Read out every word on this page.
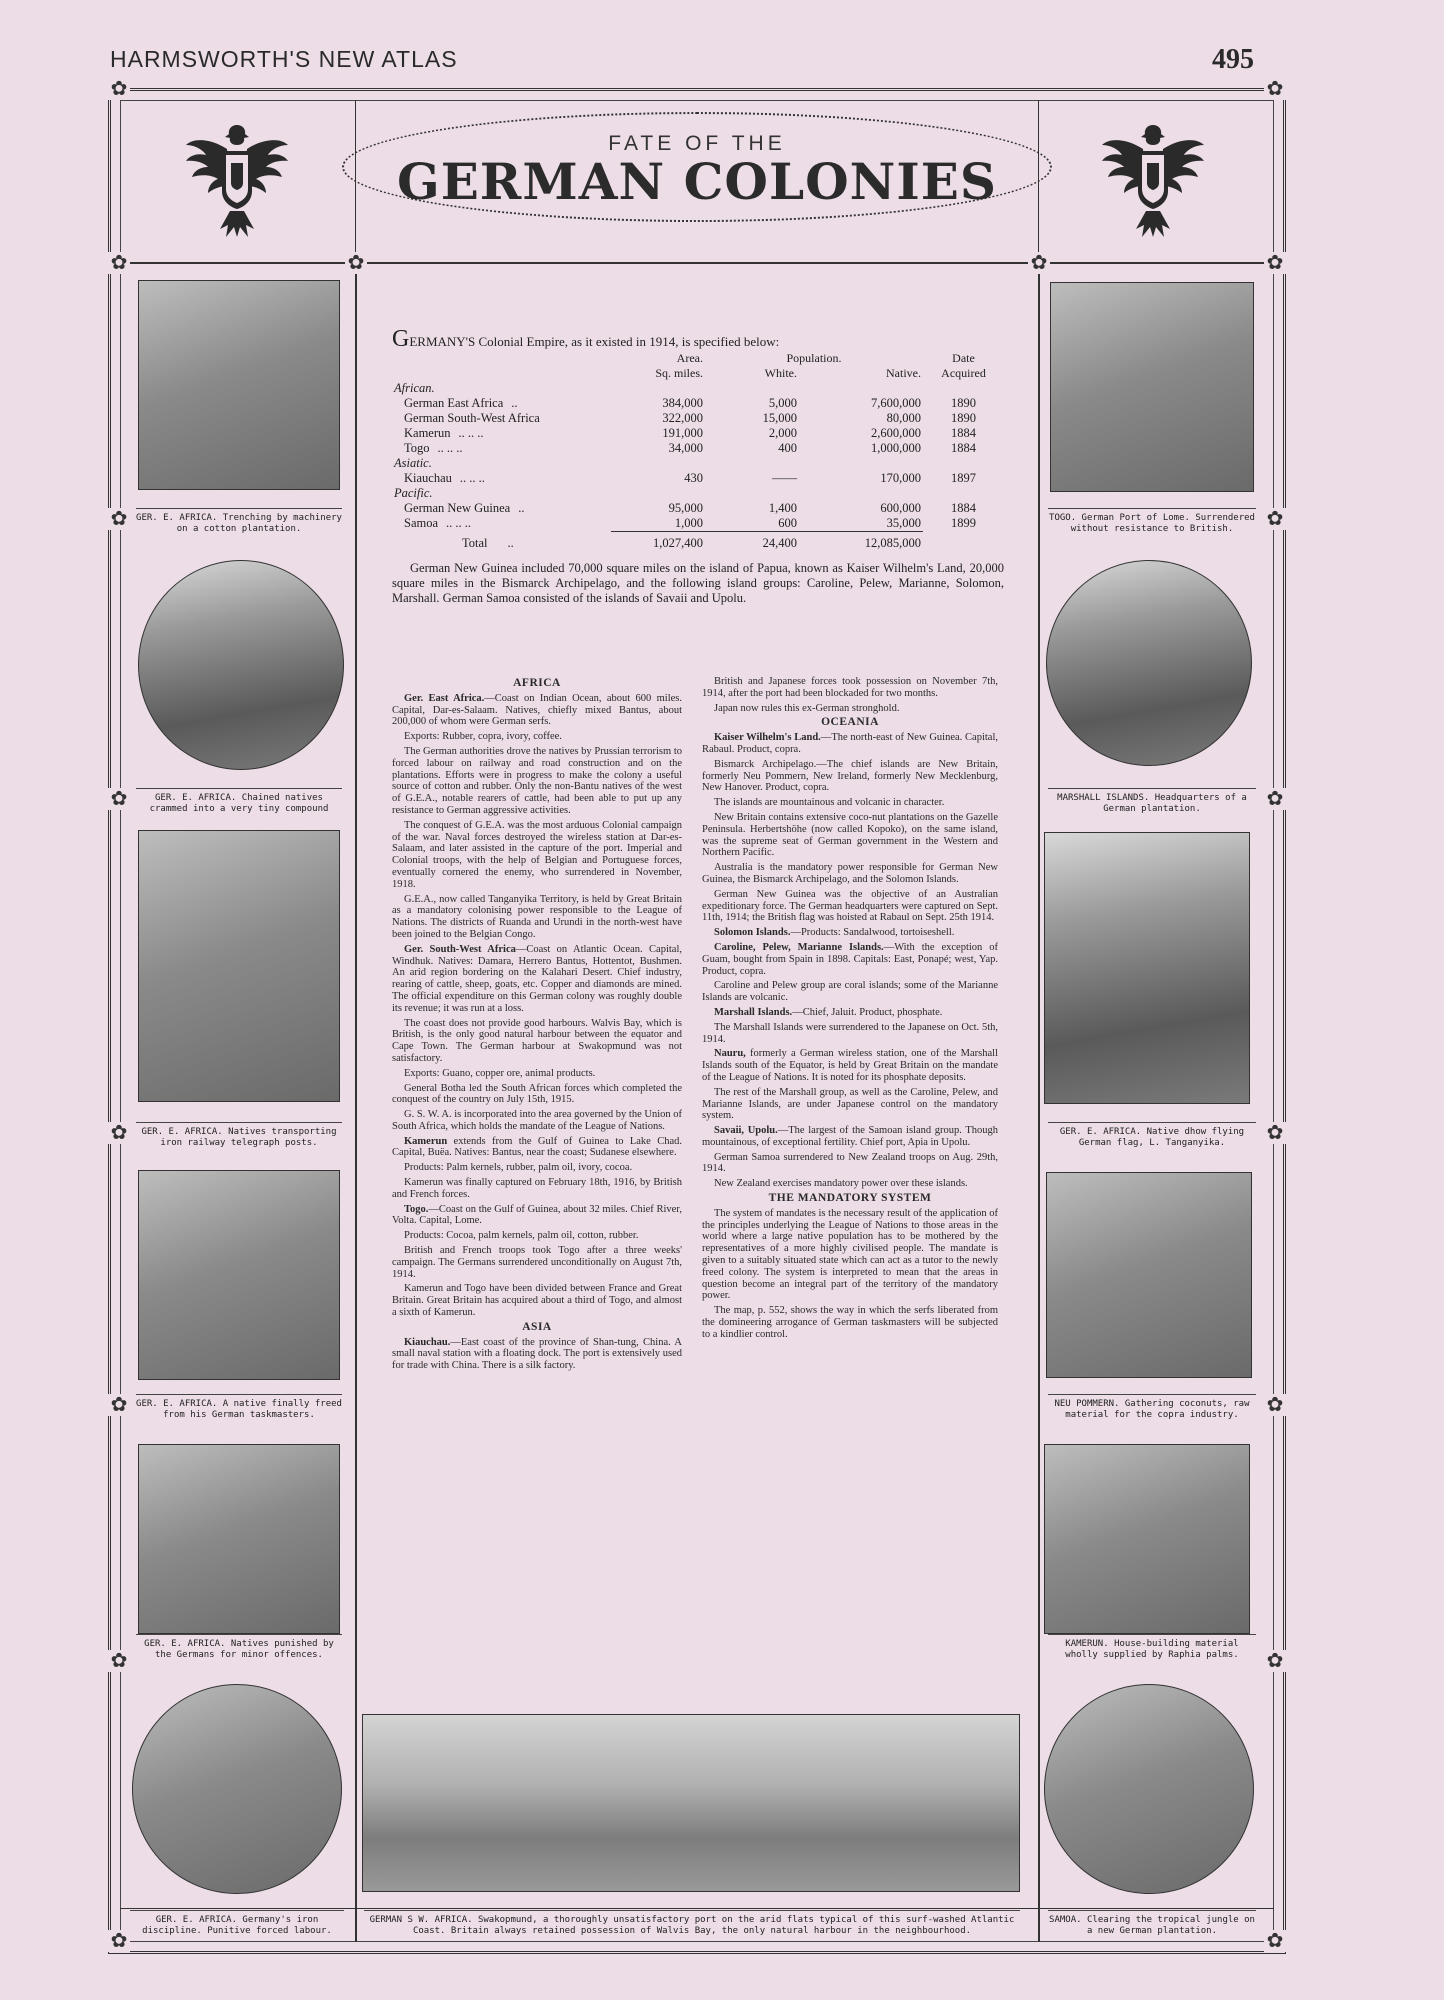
HARMSWORTH'S NEW ATLAS	495
✿	✿
✿	✿
✿	✿
✿	✿
✿
✿
✿
✿
✿
✿
✿
✿
✿
✿
FATE OF THE
GERMAN COLONIES
GER. E. AFRICA. Trenching by machinery on a cotton plantation.
GER. E. AFRICA. Chained natives crammed into a very tiny compound
GER. E. AFRICA. Natives transporting iron railway telegraph posts.
GER. E. AFRICA. A native finally freed from his German taskmasters.
GER. E. AFRICA. Natives punished by the Germans for minor offences.
GER. E. AFRICA. Germany's iron discipline. Punitive forced labour.
TOGO. German Port of Lome. Surrendered without resistance to British.
MARSHALL ISLANDS. Headquarters of a German plantation.
GER. E. AFRICA. Native dhow flying German flag, L. Tanganyika.
NEU POMMERN. Gathering coconuts, raw material for the copra industry.
KAMERUN. House-building material wholly supplied by Raphia palms.
SAMOA. Clearing the tropical jungle on a new German plantation.
GERMAN S W. AFRICA. Swakopmund, a thoroughly unsatisfactory port on the arid flats typical of this surf-washed Atlantic Coast. Britain always retained possession of Walvis Bay, the only natural harbour in the neighbourhood.
GERMANY'S Colonial Empire, as it existed in 1914, is specified below:
	Area.	Population.		Date
	Sq. miles.	White.	Native.	Acquired
African.				
German East Africa ..	384,000	5,000	7,600,000	1890
German South-West Africa	322,000	15,000	80,000	1890
Kamerun .. .. ..	191,000	2,000	2,600,000	1884
Togo .. .. ..	34,000	400	1,000,000	1884
Asiatic.				
Kiauchau .. .. ..	430	——	170,000	1897
Pacific.				
German New Guinea ..	95,000	1,400	600,000	1884
Samoa .. .. ..	1,000	600	35,000	1899
Total ..	1,027,400	24,400	12,085,000	
German New Guinea included 70,000 square miles on the island of Papua, known as Kaiser Wilhelm's Land, 20,000 square miles in the Bismarck Archipelago, and the following island groups: Caroline, Pelew, Marianne, Solomon, Marshall. German Samoa consisted of the islands of Savaii and Upolu.
AFRICA

Ger. East Africa.—Coast on Indian Ocean, about 600 miles. Capital, Dar-es-Salaam. Natives, chiefly mixed Bantus, about 200,000 of whom were German serfs.

Exports: Rubber, copra, ivory, coffee.

The German authorities drove the natives by Prussian terrorism to forced labour on railway and road construction and on the plantations. Efforts were in progress to make the colony a useful source of cotton and rubber. Only the non-Bantu natives of the west of G.E.A., notable rearers of cattle, had been able to put up any resistance to German aggressive activities.

The conquest of G.E.A. was the most arduous Colonial campaign of the war. Naval forces destroyed the wireless station at Dar-es-Salaam, and later assisted in the capture of the port. Imperial and Colonial troops, with the help of Belgian and Portuguese forces, eventually cornered the enemy, who surrendered in November, 1918.

G.E.A., now called Tanganyika Territory, is held by Great Britain as a mandatory colonising power responsible to the League of Nations. The districts of Ruanda and Urundi in the north-west have been joined to the Belgian Congo.

Ger. South-West Africa—Coast on Atlantic Ocean. Capital, Windhuk. Natives: Damara, Herrero Bantus, Hottentot, Bushmen. An arid region bordering on the Kalahari Desert. Chief industry, rearing of cattle, sheep, goats, etc. Copper and diamonds are mined. The official expenditure on this German colony was roughly double its revenue; it was run at a loss.

The coast does not provide good harbours. Walvis Bay, which is British, is the only good natural harbour between the equator and Cape Town. The German harbour at Swakopmund was not satisfactory.

Exports: Guano, copper ore, animal products.

General Botha led the South African forces which completed the conquest of the country on July 15th, 1915.

G. S. W. A. is incorporated into the area governed by the Union of South Africa, which holds the mandate of the League of Nations.

Kamerun extends from the Gulf of Guinea to Lake Chad. Capital, Buëa. Natives: Bantus, near the coast; Sudanese elsewhere.

Products: Palm kernels, rubber, palm oil, ivory, cocoa.

Kamerun was finally captured on February 18th, 1916, by British and French forces.

Togo.—Coast on the Gulf of Guinea, about 32 miles. Chief River, Volta. Capital, Lome.

Products: Cocoa, palm kernels, palm oil, cotton, rubber.

British and French troops took Togo after a three weeks' campaign. The Germans surrendered unconditionally on August 7th, 1914.

Kamerun and Togo have been divided between France and Great Britain. Great Britain has acquired about a third of Togo, and almost a sixth of Kamerun.

ASIA

Kiauchau.—East coast of the province of Shan-tung, China. A small naval station with a floating dock. The port is extensively used for trade with China. There is a silk factory.

British and Japanese forces took possession on November 7th, 1914, after the port had been blockaded for two months.

Japan now rules this ex-German stronghold.

OCEANIA

Kaiser Wilhelm's Land.—The north-east of New Guinea. Capital, Rabaul. Product, copra.

Bismarck Archipelago.—The chief islands are New Britain, formerly Neu Pommern, New Ireland, formerly New Mecklenburg, New Hanover. Product, copra.

The islands are mountainous and volcanic in character.

New Britain contains extensive coco-nut plantations on the Gazelle Peninsula. Herbertshöhe (now called Kopoko), on the same island, was the supreme seat of German government in the Western and Northern Pacific.

Australia is the mandatory power responsible for German New Guinea, the Bismarck Archipelago, and the Solomon Islands.

German New Guinea was the objective of an Australian expeditionary force. The German headquarters were captured on Sept. 11th, 1914; the British flag was hoisted at Rabaul on Sept. 25th 1914.

Solomon Islands.—Products: Sandalwood, tortoiseshell.

Caroline, Pelew, Marianne Islands.—With the exception of Guam, bought from Spain in 1898. Capitals: East, Ponapé; west, Yap. Product, copra.

Caroline and Pelew group are coral islands; some of the Marianne Islands are volcanic.

Marshall Islands.—Chief, Jaluit. Product, phosphate.

The Marshall Islands were surrendered to the Japanese on Oct. 5th, 1914.

Nauru, formerly a German wireless station, one of the Marshall Islands south of the Equator, is held by Great Britain on the mandate of the League of Nations. It is noted for its phosphate deposits.

The rest of the Marshall group, as well as the Caroline, Pelew, and Marianne Islands, are under Japanese control on the mandatory system.

Savaii, Upolu.—The largest of the Samoan island group. Though mountainous, of exceptional fertility. Chief port, Apia in Upolu.

German Samoa surrendered to New Zealand troops on Aug. 29th, 1914.

New Zealand exercises mandatory power over these islands.

THE MANDATORY SYSTEM

The system of mandates is the necessary result of the application of the principles underlying the League of Nations to those areas in the world where a large native population has to be mothered by the representatives of a more highly civilised people. The mandate is given to a suitably situated state which can act as a tutor to the newly freed colony. The system is interpreted to mean that the areas in question become an integral part of the territory of the mandatory power.

The map, p. 552, shows the way in which the serfs liberated from the domineering arrogance of German taskmasters will be subjected to a kindlier control.
